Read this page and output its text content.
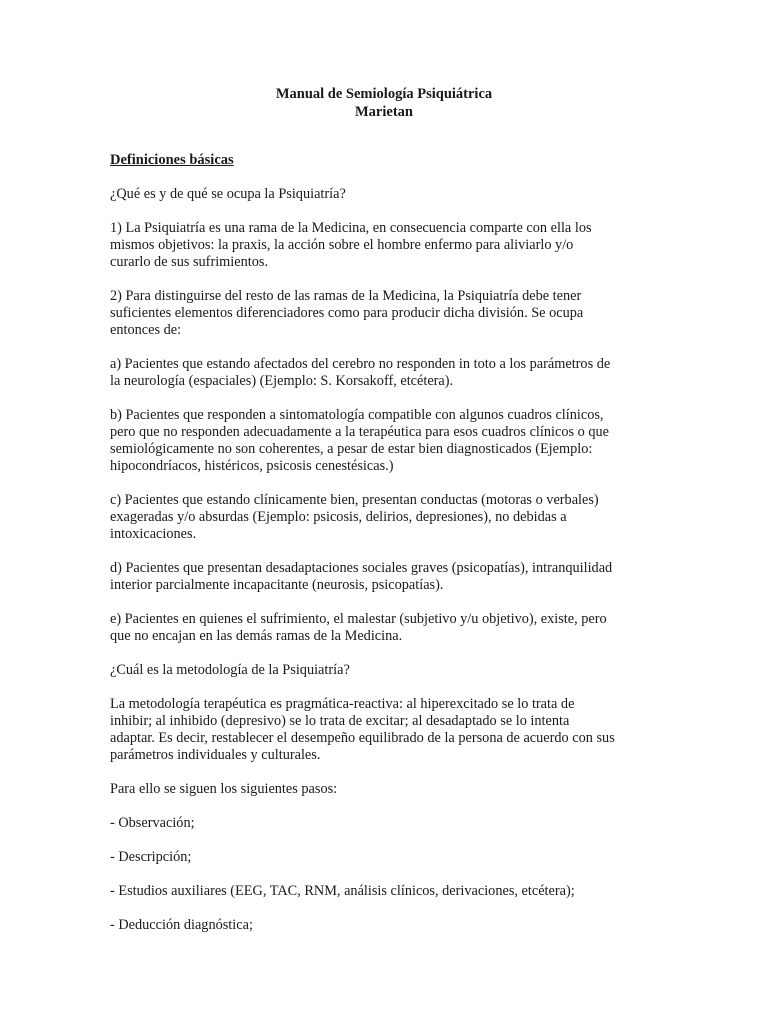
Manual de Semiología Psiquiátrica
Marietan
Definiciones básicas
¿Qué es y de qué se ocupa la Psiquiatría?
1) La Psiquiatría es una rama de la Medicina, en consecuencia comparte con ella los
mismos objetivos: la praxis, la acción sobre el hombre enfermo para aliviarlo y/o
curarlo de sus sufrimientos.
2) Para distinguirse del resto de las ramas de la Medicina, la Psiquiatría debe tener
suficientes elementos diferenciadores como para producir dicha división. Se ocupa
entonces de:
a) Pacientes que estando afectados del cerebro no responden in toto a los parámetros de
la neurología (espaciales) (Ejemplo: S. Korsakoff, etcétera).
b) Pacientes que responden a sintomatología compatible con algunos cuadros clínicos,
pero que no responden adecuadamente a la terapéutica para esos cuadros clínicos o que
semiológicamente no son coherentes, a pesar de estar bien diagnosticados (Ejemplo:
hipocondríacos, histéricos, psicosis cenestésicas.)
c) Pacientes que estando clínicamente bien, presentan conductas (motoras o verbales)
exageradas y/o absurdas (Ejemplo: psicosis, delirios, depresiones), no debidas a
intoxicaciones.
d) Pacientes que presentan desadaptaciones sociales graves (psicopatías), intranquilidad
interior parcialmente incapacitante (neurosis, psicopatías).
e) Pacientes en quienes el sufrimiento, el malestar (subjetivo y/u objetivo), existe, pero
que no encajan en las demás ramas de la Medicina.
¿Cuál es la metodología de la Psiquiatría?
La metodología terapéutica es pragmática-reactiva: al hiperexcitado se lo trata de
inhibir; al inhibido (depresivo) se lo trata de excitar; al desadaptado se lo intenta
adaptar. Es decir, restablecer el desempeño equilibrado de la persona de acuerdo con sus
parámetros individuales y culturales.
Para ello se siguen los siguientes pasos:
- Observación;
- Descripción;
- Estudios auxiliares (EEG, TAC, RNM, análisis clínicos, derivaciones, etcétera);
- Deducción diagnóstica;
